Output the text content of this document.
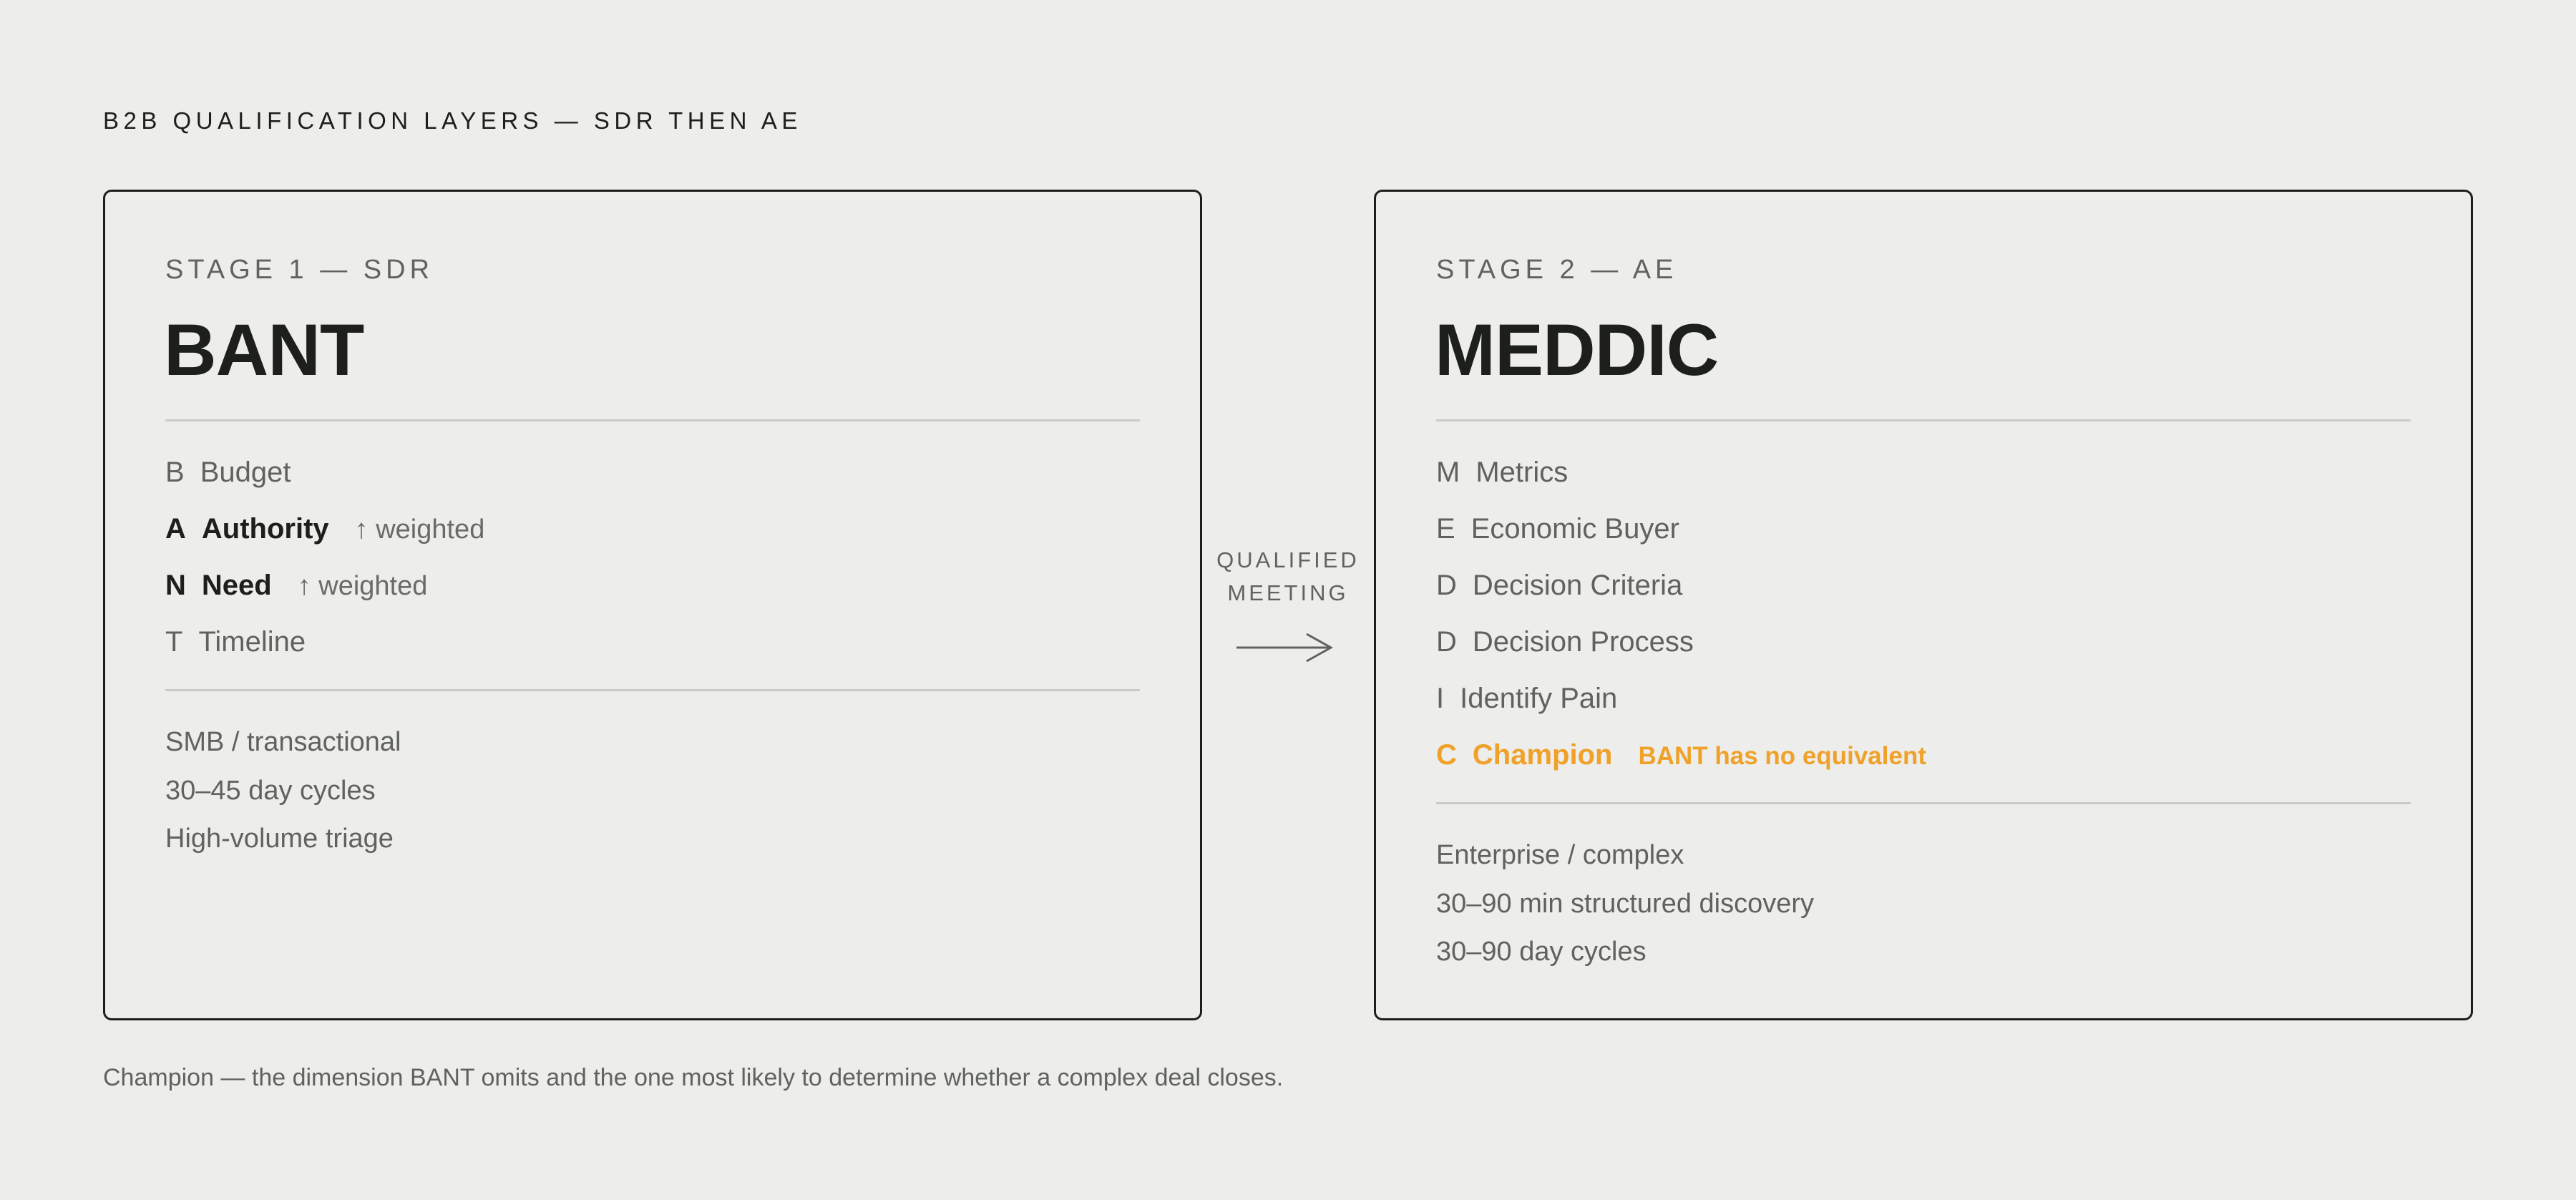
B2B QUALIFICATION LAYERS — SDR THEN AE
STAGE 1 — SDR
BANT
B Budget
A Authority ↑ weighted
N Need ↑ weighted
T Timeline
SMB / transactional
30–45 day cycles
High-volume triage
QUALIFIED
MEETING
STAGE 2 — AE
MEDDIC
M Metrics
E Economic Buyer
D Decision Criteria
D Decision Process
I Identify Pain
C Champion BANT has no equivalent
Enterprise / complex
30–90 min structured discovery
30–90 day cycles
Champion — the dimension BANT omits and the one most likely to determine whether a complex deal closes.
